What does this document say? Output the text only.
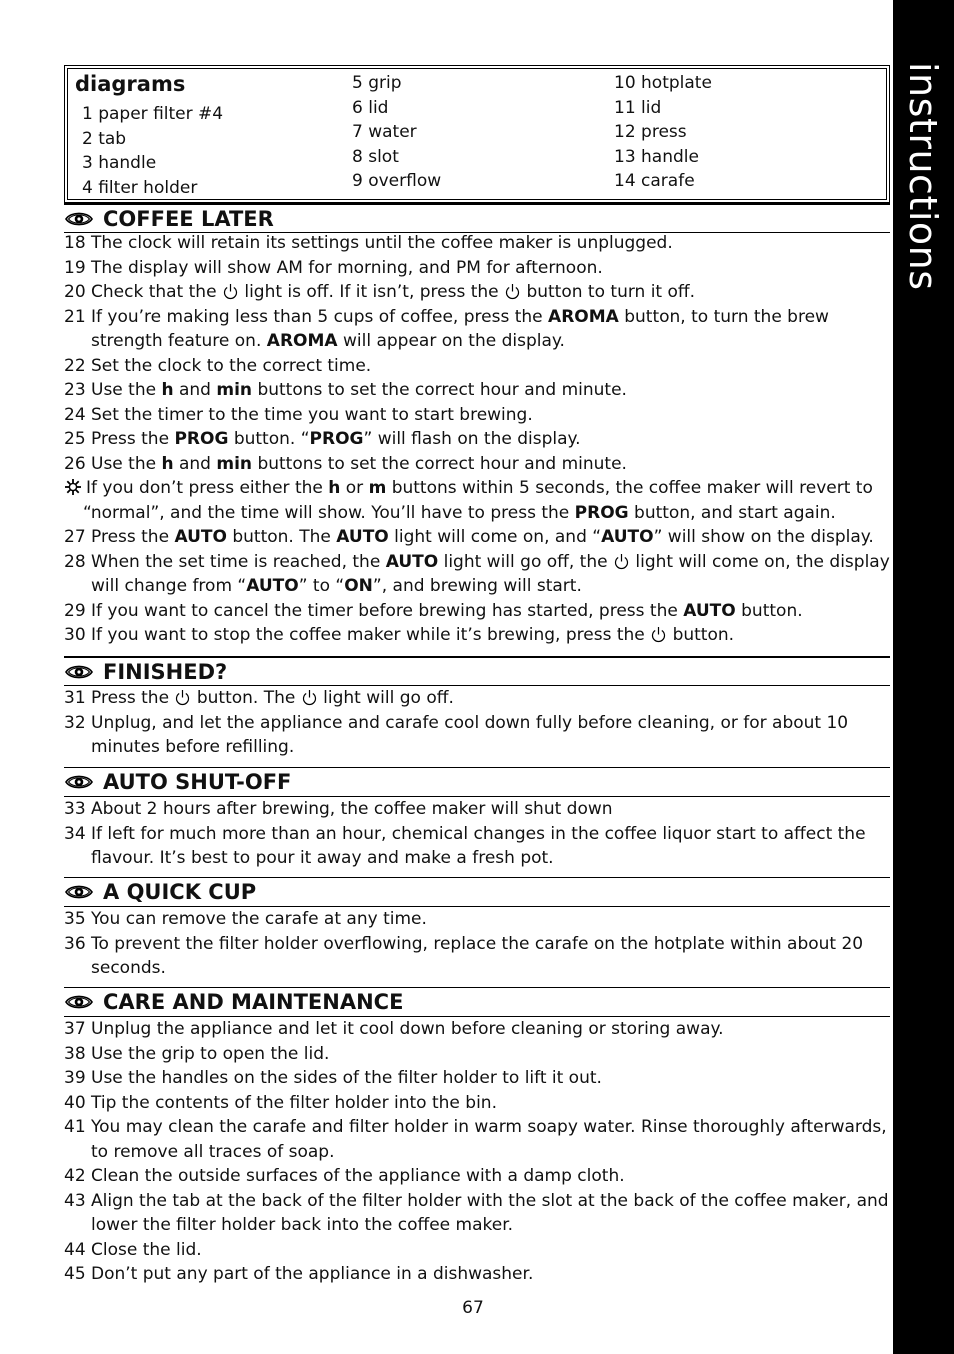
instructions
diagrams
1 paper filter #4
2 tab
3 handle
4 filter holder
5 grip
6 lid
7 water
8 slot
9 overflow
10 hotplate
11 lid
12 press
13 handle
14 carafe
COFFEE LATER
18 The clock will retain its settings until the coffee maker is unplugged.
19 The display will show AM for morning, and PM for afternoon.
20 Check that the light is off. If it isn’t, press the button to turn it off.
21 If you’re making less than 5 cups of coffee, press the AROMA button, to turn the brew
strength feature on. AROMA will appear on the display.
22 Set the clock to the correct time.
23 Use the h and min buttons to set the correct hour and minute.
24 Set the timer to the time you want to start brewing.
25 Press the PROG button. “PROG” will flash on the display.
26 Use the h and min buttons to set the correct hour and minute.
If you don’t press either the h or m buttons within 5 seconds, the coffee maker will revert to
“normal”, and the time will show. You’ll have to press the PROG button, and start again.
27 Press the AUTO button. The AUTO light will come on, and “AUTO” will show on the display.
28 When the set time is reached, the AUTO light will go off, the light will come on, the display
will change from “AUTO” to “ON”, and brewing will start.
29 If you want to cancel the timer before brewing has started, press the AUTO button.
30 If you want to stop the coffee maker while it’s brewing, press the button.
FINISHED?
31 Press the button. The light will go off.
32 Unplug, and let the appliance and carafe cool down fully before cleaning, or for about 10
minutes before refilling.
AUTO SHUT-OFF
33 About 2 hours after brewing, the coffee maker will shut down
34 If left for much more than an hour, chemical changes in the coffee liquor start to affect the
flavour. It’s best to pour it away and make a fresh pot.
A QUICK CUP
35 You can remove the carafe at any time.
36 To prevent the filter holder overflowing, replace the carafe on the hotplate within about 20
seconds.
CARE AND MAINTENANCE
37 Unplug the appliance and let it cool down before cleaning or storing away.
38 Use the grip to open the lid.
39 Use the handles on the sides of the filter holder to lift it out.
40 Tip the contents of the filter holder into the bin.
41 You may clean the carafe and filter holder in warm soapy water. Rinse thoroughly afterwards,
to remove all traces of soap.
42 Clean the outside surfaces of the appliance with a damp cloth.
43 Align the tab at the back of the filter holder with the slot at the back of the coffee maker, and
lower the filter holder back into the coffee maker.
44 Close the lid.
45 Don’t put any part of the appliance in a dishwasher.
67
